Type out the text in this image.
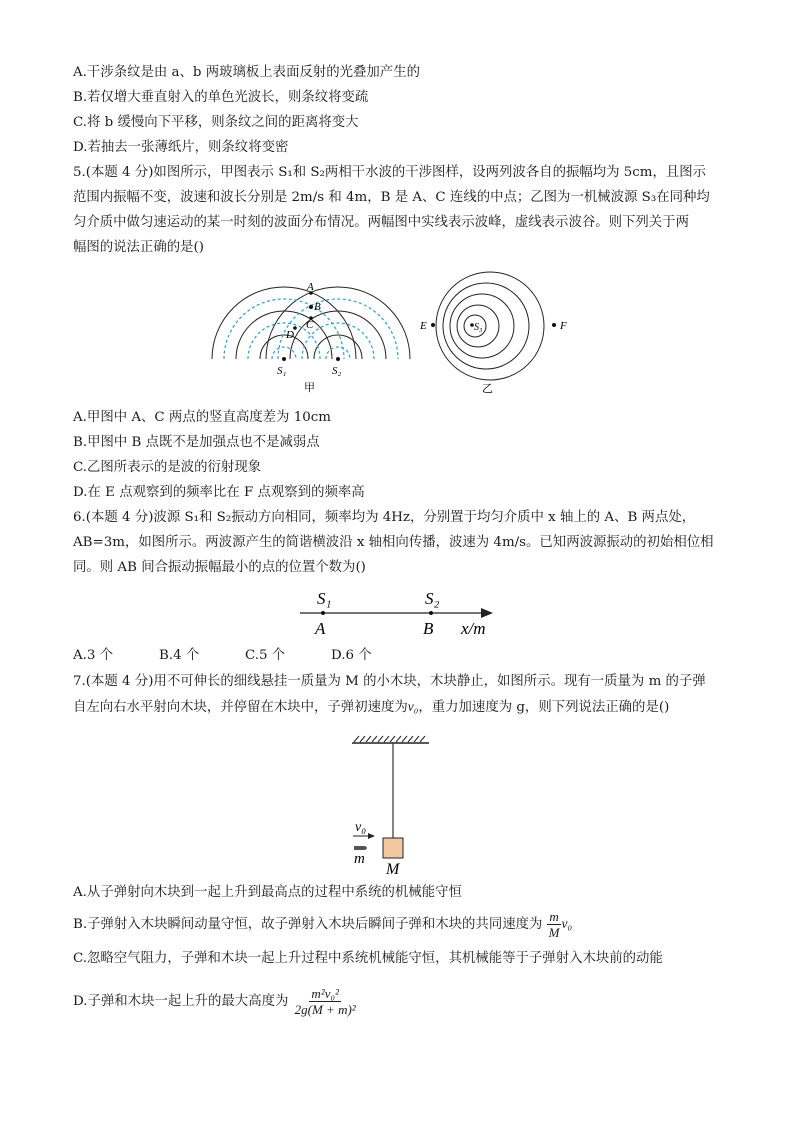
A.干涉条纹是由 a、b 两玻璃板上表面反射的光叠加产生的
B.若仅增大垂直射入的单色光波长，则条纹将变疏
C.将 b 缓慢向下平移，则条纹之间的距离将变大
D.若抽去一张薄纸片，则条纹将变密
5.(本题 4 分)如图所示，甲图表示 S₁和 S₂两相干水波的干涉图样，设两列波各自的振幅均为 5cm，且图示
范围内振幅不变，波速和波长分别是 2m/s 和 4m，B 是 A、C 连线的中点；乙图为一机械波源 S₃在同种均
匀介质中做匀速运动的某一时刻的波面分布情况。两幅图中实线表示波峰，虚线表示波谷。则下列关于两
幅图的说法正确的是()
A
B
C
D
S₁	S₂
甲
S₃
E	F
乙
A.甲图中 A、C 两点的竖直高度差为 10cm
B.甲图中 B 点既不是加强点也不是减弱点
C.乙图所表示的是波的衍射现象
D.在 E 点观察到的频率比在 F 点观察到的频率高
6.(本题 4 分)波源 S₁和 S₂振动方向相同，频率均为 4Hz，分别置于均匀介质中 x 轴上的 A、B 两点处，
AB=3m，如图所示。两波源产生的简谐横波沿 x 轴相向传播，波速为 4m/s。已知两波源振动的初始相位相
同。则 AB 间合振动振幅最小的点的位置个数为()
S₁	S₂
A	B x/m
A.3 个	B.4 个	C.5 个	D.6 个
7.(本题 4 分)用不可伸长的细线悬挂一质量为 M 的小木块，木块静止，如图所示。现有一质量为 m 的子弹
自左向右水平射向木块，并停留在木块中，子弹初速度为v₀，重力加速度为 g，则下列说法正确的是()
M
v₀
m
A.从子弹射向木块到一起上升到最高点的过程中系统的机械能守恒
B.子弹射入木块瞬间动量守恒，故子弹射入木块后瞬间子弹和木块的共同速度为 $\frac{m}{M} v_0$
C.忽略空气阻力，子弹和木块一起上升过程中系统机械能守恒，其机械能等于子弹射入木块前的动能
D.子弹和木块一起上升的最大高度为 $\frac{\text{m²v₀²}}{\text{2g(M + m)²}}$
